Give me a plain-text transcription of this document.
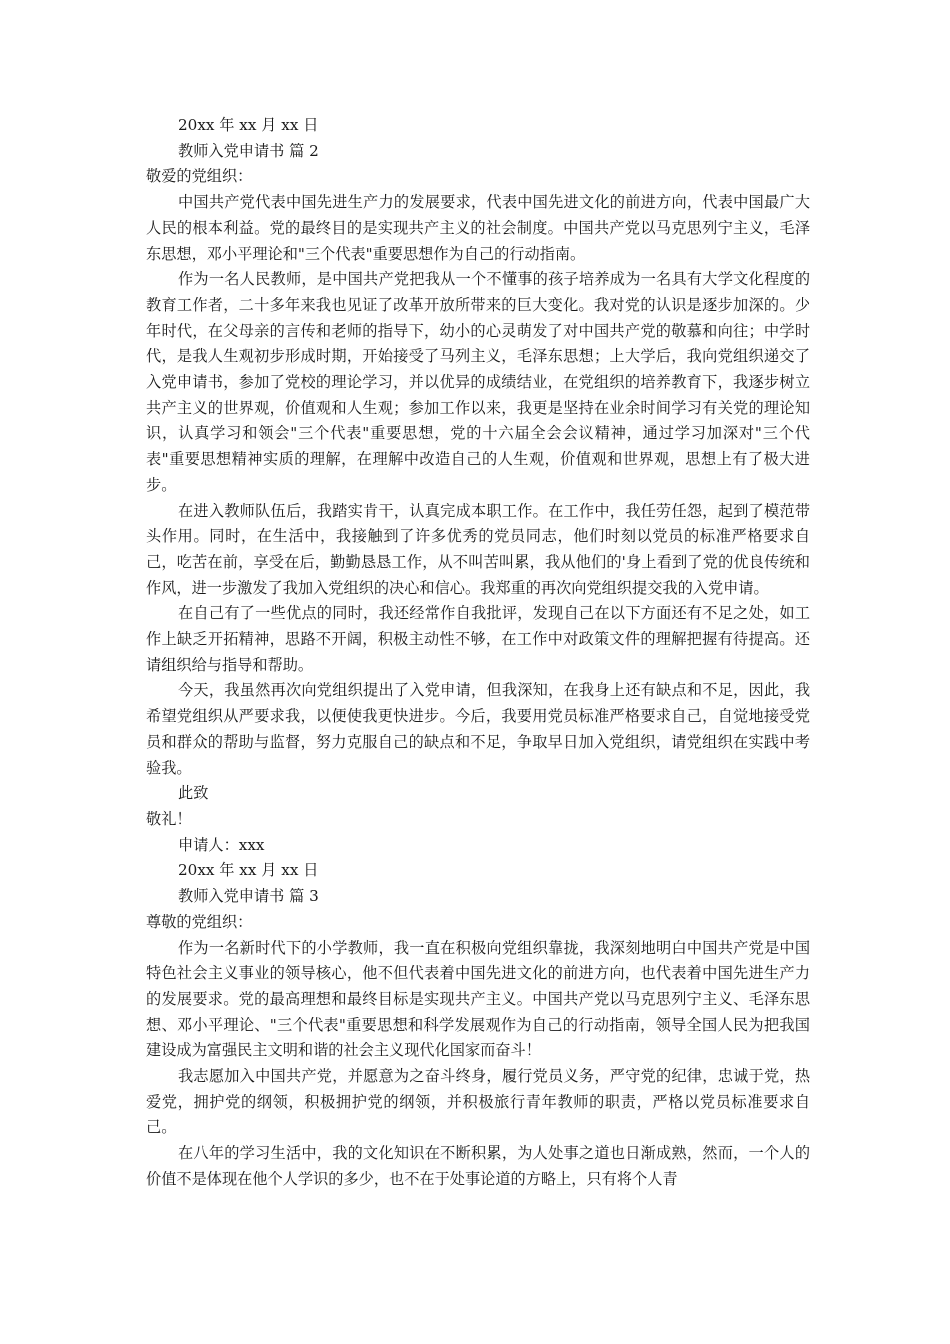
20xx 年 xx 月 xx 日

教师入党申请书 篇 2

敬爱的党组织：

中国共产党代表中国先进生产力的发展要求，代表中国先进文化的前进方向，代表中国最广大人民的根本利益。党的最终目的是实现共产主义的社会制度。中国共产党以马克思列宁主义，毛泽东思想，邓小平理论和"三个代表"重要思想作为自己的行动指南。

作为一名人民教师，是中国共产党把我从一个不懂事的孩子培养成为一名具有大学文化程度的教育工作者，二十多年来我也见证了改革开放所带来的巨大变化。我对党的认识是逐步加深的。少年时代，在父母亲的言传和老师的指导下，幼小的心灵萌发了对中国共产党的敬慕和向往；中学时代，是我人生观初步形成时期，开始接受了马列主义，毛泽东思想；上大学后，我向党组织递交了入党申请书，参加了党校的理论学习，并以优异的成绩结业，在党组织的培养教育下，我逐步树立共产主义的世界观，价值观和人生观；参加工作以来，我更是坚持在业余时间学习有关党的理论知识，认真学习和领会"三个代表"重要思想，党的十六届全会会议精神，通过学习加深对"三个代表"重要思想精神实质的理解，在理解中改造自己的人生观，价值观和世界观，思想上有了极大进步。

在进入教师队伍后，我踏实肯干，认真完成本职工作。在工作中，我任劳任怨，起到了模范带头作用。同时，在生活中，我接触到了许多优秀的党员同志，他们时刻以党员的标准严格要求自己，吃苦在前，享受在后，勤勤恳恳工作，从不叫苦叫累，我从他们的'身上看到了党的优良传统和作风，进一步激发了我加入党组织的决心和信心。我郑重的再次向党组织提交我的入党申请。

在自己有了一些优点的同时，我还经常作自我批评，发现自己在以下方面还有不足之处，如工作上缺乏开拓精神，思路不开阔，积极主动性不够，在工作中对政策文件的理解把握有待提高。还请组织给与指导和帮助。

今天，我虽然再次向党组织提出了入党申请，但我深知，在我身上还有缺点和不足，因此，我希望党组织从严要求我，以便使我更快进步。今后，我要用党员标准严格要求自己，自觉地接受党员和群众的帮助与监督，努力克服自己的缺点和不足，争取早日加入党组织，请党组织在实践中考验我。

此致

敬礼！

申请人：xxx

20xx 年 xx 月 xx 日

教师入党申请书 篇 3

尊敬的党组织：

作为一名新时代下的小学教师，我一直在积极向党组织靠拢，我深刻地明白中国共产党是中国特色社会主义事业的领导核心，他不但代表着中国先进文化的前进方向，也代表着中国先进生产力的发展要求。党的最高理想和最终目标是实现共产主义。中国共产党以马克思列宁主义、毛泽东思想、邓小平理论、"三个代表"重要思想和科学发展观作为自己的行动指南，领导全国人民为把我国建设成为富强民主文明和谐的社会主义现代化国家而奋斗！

我志愿加入中国共产党，并愿意为之奋斗终身，履行党员义务，严守党的纪律，忠诚于党，热爱党，拥护党的纲领，积极拥护党的纲领，并积极旅行青年教师的职责，严格以党员标准要求自己。

在八年的学习生活中，我的文化知识在不断积累，为人处事之道也日渐成熟，然而，一个人的价值不是体现在他个人学识的多少，也不在于处事论道的方略上，只有将个人青
